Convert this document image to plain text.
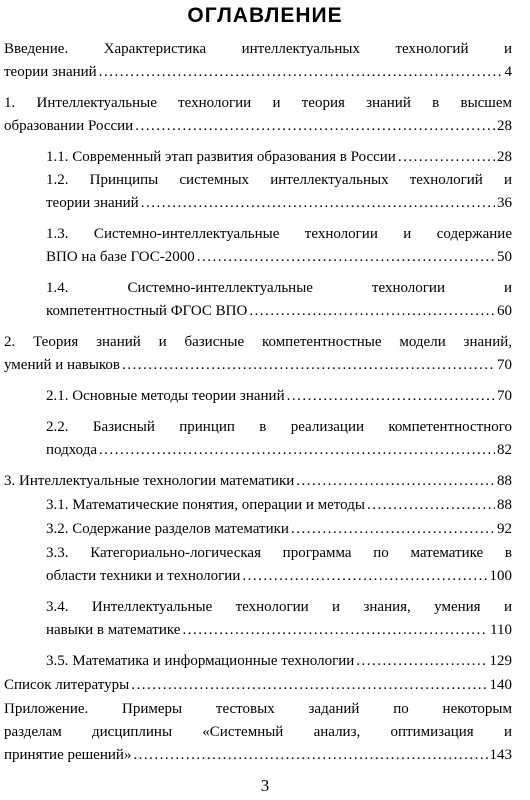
ОГЛАВЛЕНИЕ
Введение. Характеристика интеллектуальных технологий и
теории знаний .....	4
1. Интеллектуальные технологии и теория знаний в высшем
образовании России .....	28
1.1. Современный этап развития образования в России .....	28
1.2. Принципы системных интеллектуальных технологий и
теории знаний .....	36
1.3. Системно-интеллектуальные технологии и содержание
ВПО на базе ГОС-2000 .....	50
1.4. Системно-интеллектуальные технологии и
компетентностный ФГОС ВПО .....	60
2. Теория знаний и базисные компетентностные модели знаний,
умений и навыков .....	70
2.1. Основные методы теории знаний .....	70
2.2. Базисный принцип в реализации компетентностного
подхода .....	82
3. Интеллектуальные технологии математики .....	88
3.1. Математические понятия, операции и методы .....	88
3.2. Содержание разделов математики .....	92
3.3. Категориально-логическая программа по математике в
области техники и технологии .....	100
3.4. Интеллектуальные технологии и знания, умения и
навыки в математике .....	110
3.5. Математика и информационные технологии .....	129
Список литературы .....	140
Приложение. Примеры тестовых заданий по некоторым
разделам дисциплины «Системный анализ, оптимизация и
принятие решений» .....	143
3
